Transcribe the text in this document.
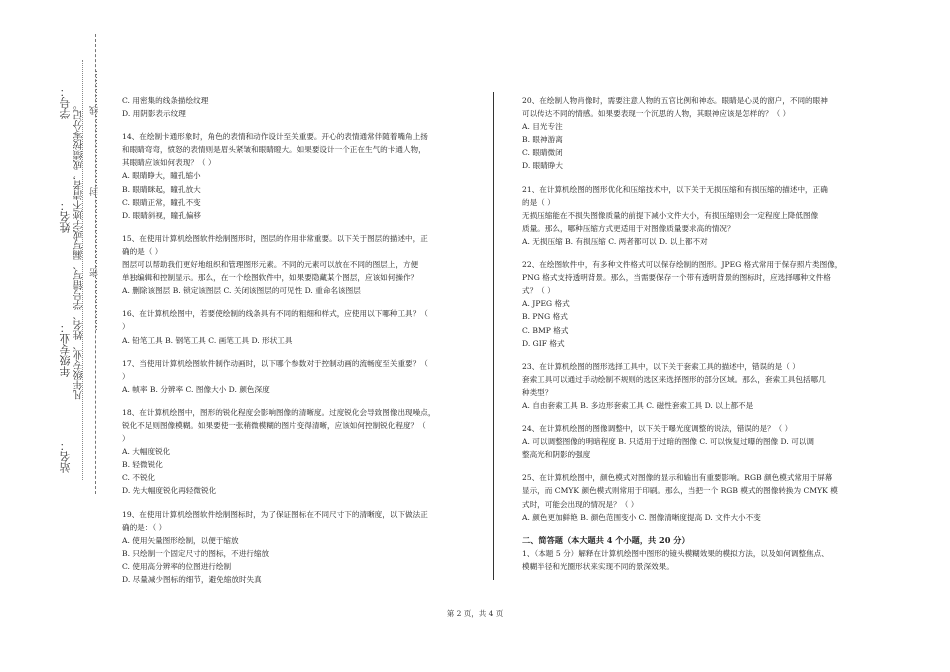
学号：
姓名：
年级专业：
站名：
凡年级专业、姓名、学号错写、漏写或字迹不清者，成绩按零分记。 ………………密……………………封……………………线…………	C. 用密集的线条描绘纹理
D. 用阴影表示纹理
14、在绘制卡通形象时，角色的表情和动作设计至关重要。开心的表情通常伴随着嘴角上扬
和眼睛弯弯，愤怒的表情则是眉头紧皱和眼睛瞪大。如果要设计一个正在生气的卡通人物，
其眼睛应该如何表现？（ ）
A. 眼睛睁大，瞳孔缩小
B. 眼睛眯起，瞳孔放大
C. 眼睛正常，瞳孔不变
D. 眼睛斜视，瞳孔偏移
15、在使用计算机绘图软件绘制图形时，图层的作用非常重要。以下关于图层的描述中，正
确的是（ ）
图层可以帮助我们更好地组织和管理图形元素。不同的元素可以放在不同的图层上，方便
单独编辑和控制显示。那么，在一个绘图软件中，如果要隐藏某个图层，应该如何操作？
A. 删除该图层 B. 锁定该图层 C. 关闭该图层的可见性 D. 重命名该图层
16、在计算机绘图中，若要使绘制的线条具有不同的粗细和样式，应使用以下哪种工具？（
）
A. 铅笔工具 B. 钢笔工具 C. 画笔工具 D. 形状工具
17、当使用计算机绘图软件制作动画时，以下哪个参数对于控制动画的流畅度至关重要？（
）
A. 帧率 B. 分辨率 C. 图像大小 D. 颜色深度
18、在计算机绘图中，图形的锐化程度会影响图像的清晰度。过度锐化会导致图像出现噪点，
锐化不足则图像模糊。如果要使一张稍微模糊的图片变得清晰，应该如何控制锐化程度？（
）
A. 大幅度锐化
B. 轻微锐化
C. 不锐化
D. 先大幅度锐化再轻微锐化
19、在使用计算机绘图软件绘制图标时，为了保证图标在不同尺寸下的清晰度，以下做法正
确的是：（ ）
A. 使用矢量图形绘制，以便于缩放
B. 只绘制一个固定尺寸的图标，不进行缩放
C. 使用高分辨率的位图进行绘制
D. 尽量减少图标的细节，避免缩放时失真
20、在绘制人物肖像时，需要注意人物的五官比例和神态。眼睛是心灵的窗户，不同的眼神
可以传达不同的情感。如果要表现一个沉思的人物，其眼神应该是怎样的？（ ）
A. 目光专注
B. 眼神游离
C. 眼睛微闭
D. 眼睛睁大
21、在计算机绘图的图形优化和压缩技术中，以下关于无损压缩和有损压缩的描述中，正确
的是（ ）
无损压缩能在不损失图像质量的前提下减小文件大小，有损压缩则会一定程度上降低图像
质量。那么，哪种压缩方式更适用于对图像质量要求高的情况？
A. 无损压缩 B. 有损压缩 C. 两者都可以 D. 以上都不对
22、在绘图软件中，有多种文件格式可以保存绘制的图形。JPEG 格式常用于保存照片类图像，
PNG 格式支持透明背景。那么，当需要保存一个带有透明背景的图标时，应选择哪种文件格
式？（ ）
A. JPEG 格式
B. PNG 格式
C. BMP 格式
D. GIF 格式
23、在计算机绘图的图形选择工具中，以下关于套索工具的描述中，错误的是（ ）
套索工具可以通过手动绘制不规则的选区来选择图形的部分区域。那么，套索工具包括哪几
种类型？
A. 自由套索工具 B. 多边形套索工具 C. 磁性套索工具 D. 以上都不是
24、在计算机绘图的图像调整中，以下关于曝光度调整的说法，错误的是？（ ）
A. 可以调整图像的明暗程度 B. 只适用于过暗的图像 C. 可以恢复过曝的图像 D. 可以调
整高光和阴影的强度
25、在计算机绘图中，颜色模式对图像的显示和输出有重要影响。RGB 颜色模式常用于屏幕
显示，而 CMYK 颜色模式则常用于印刷。那么，当把一个 RGB 模式的图像转换为 CMYK 模
式时，可能会出现的情况是？（ ）
A. 颜色更加鲜艳 B. 颜色范围变小 C. 图像清晰度提高 D. 文件大小不变
二、简答题（本大题共 4 个小题，共 20 分）
1、（本题 5 分）解释在计算机绘图中图形的镜头模糊效果的模拟方法，以及如何调整焦点、
模糊半径和光圈形状来实现不同的景深效果。
第 2 页，共 4 页
